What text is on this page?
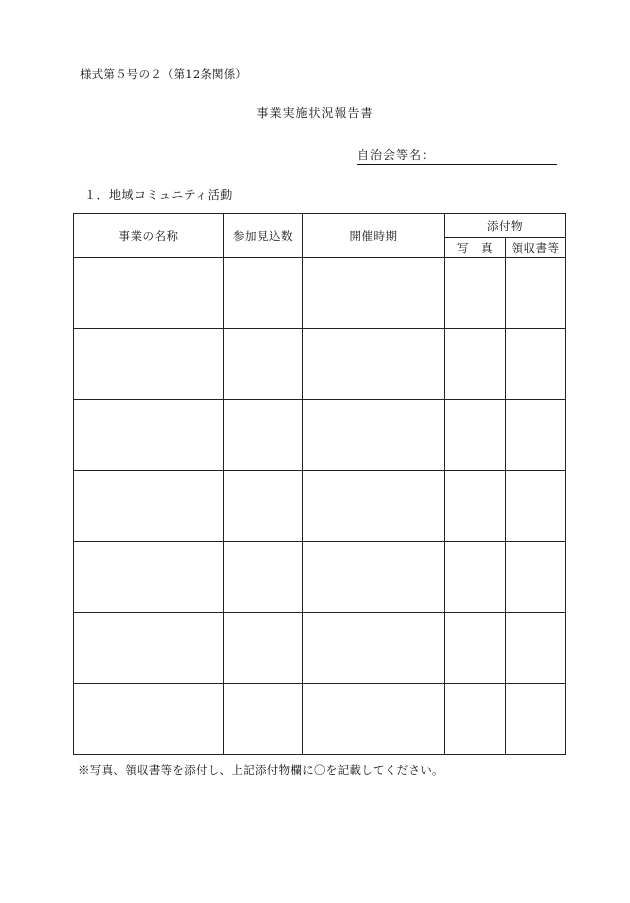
様式第５号の２（第12条関係）
事業実施状況報告書
自治会等名：
１．地域コミュニティ活動
事業の名称	参加見込数	開催時期	添付物	
			写　真	領収書等

※写真、領収書等を添付し、上記添付物欄に〇を記載してください。
